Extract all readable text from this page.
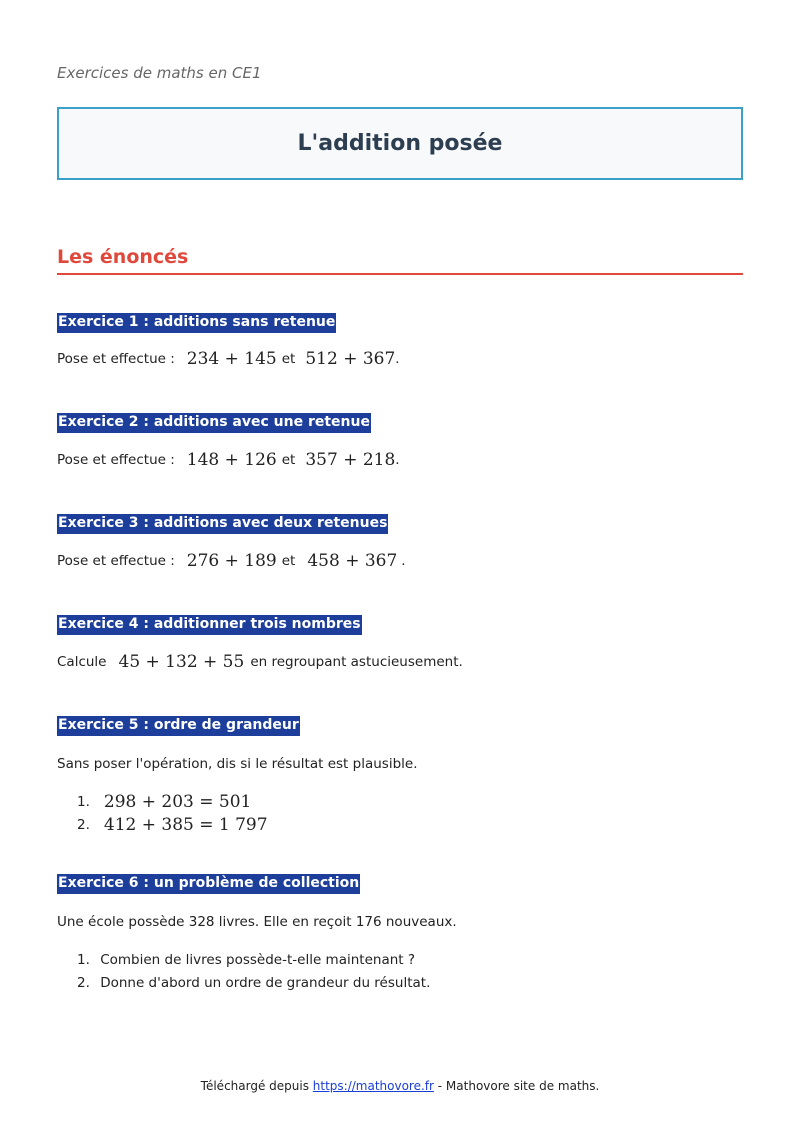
Exercices de maths en CE1
L'addition posée
Les énoncés
Exercice 1 : additions sans retenue
Pose et effectue : 234 + 145 et 512 + 367 .
Exercice 2 : additions avec une retenue
Pose et effectue : 148 + 126 et 357 + 218 .
Exercice 3 : additions avec deux retenues
Pose et effectue : 276 + 189 et 458 + 367 .
Exercice 4 : additionner trois nombres
Calcule 45 + 132 + 55 en regroupant astucieusement.
Exercice 5 : ordre de grandeur
Sans poser l'opération, dis si le résultat est plausible.
1. 298 + 203 = 501
2. 412 + 385 = 1 797
Exercice 6 : un problème de collection
Une école possède 328 livres. Elle en reçoit 176 nouveaux.
1. Combien de livres possède-t-elle maintenant ?
2. Donne d'abord un ordre de grandeur du résultat.
Téléchargé depuis https://mathovore.fr - Mathovore site de maths.
